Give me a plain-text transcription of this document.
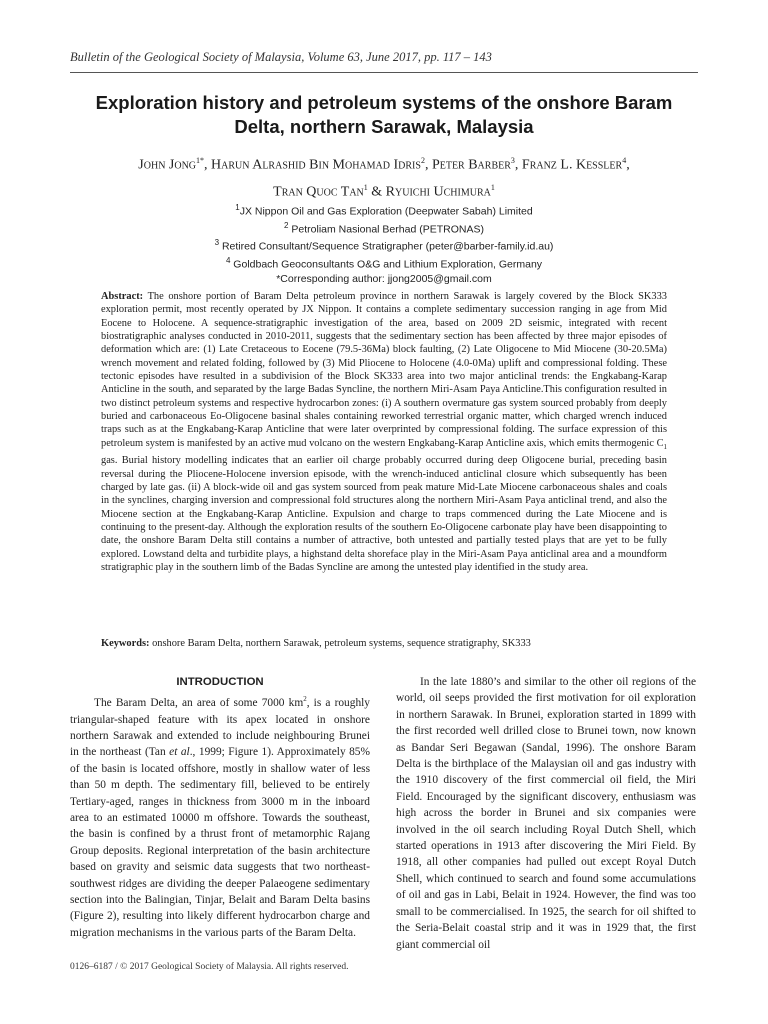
Bulletin of the Geological Society of Malaysia, Volume 63, June 2017, pp. 117 – 143
Exploration history and petroleum systems of the onshore Baram Delta, northern Sarawak, Malaysia
John Jong$^{1*}$, Harun Alrashid Bin Mohamad Idris$^2$, Peter Barber$^3$, Franz L. Kessler$^4$,
Tran Quoc Tan$^1$ & Ryuichi Uchimura$^1$
$^1$JX Nippon Oil and Gas Exploration (Deepwater Sabah) Limited
$^2$ Petroliam Nasional Berhad (PETRONAS)
$^3$ Retired Consultant/Sequence Stratigrapher (peter@barber-family.id.au)
$^4$ Goldbach Geoconsultants O&G and Lithium Exploration, Germany
*Corresponding author: jjong2005@gmail.com
Abstract: The onshore portion of Baram Delta petroleum province in northern Sarawak is largely covered by the Block SK333 exploration permit, most recently operated by JX Nippon. It contains a complete sedimentary succession ranging in age from Mid Eocene to Holocene. A sequence-stratigraphic investigation of the area, based on 2009 2D seismic, integrated with recent biostratigraphic analyses conducted in 2010-2011, suggests that the sedimentary section has been affected by three major episodes of deformation which are: (1) Late Cretaceous to Eocene (79.5-36Ma) block faulting, (2) Late Oligocene to Mid Miocene (30-20.5Ma) wrench movement and related folding, followed by (3) Mid Pliocene to Holocene (4.0-0Ma) uplift and compressional folding. These tectonic episodes have resulted in a subdivision of the Block SK333 area into two major anticlinal trends: the Engkabang-Karap Anticline in the south, and separated by the large Badas Syncline, the northern Miri-Asam Paya Anticline.This configuration resulted in two distinct petroleum systems and respective hydrocarbon zones: (i) A southern overmature gas system sourced probably from deeply buried and carbonaceous Eo-Oligocene basinal shales containing reworked terrestrial organic matter, which charged wrench induced traps such as at the Engkabang-Karap Anticline that were later overprinted by compressional folding. The surface expression of this petroleum system is manifested by an active mud volcano on the western Engkabang-Karap Anticline axis, which emits thermogenic $C_1$ gas. Burial history modelling indicates that an earlier oil charge probably occurred during deep Oligocene burial, preceding basin reversal during the Pliocene-Holocene inversion episode, with the wrench-induced anticlinal closure which subsequently has been charged by late gas. (ii) A block-wide oil and gas system sourced from peak mature Mid-Late Miocene carbonaceous shales and coals in the synclines, charging inversion and compressional fold structures along the northern Miri-Asam Paya anticlinal trend, and also the Miocene section at the Engkabang-Karap Anticline. Expulsion and charge to traps commenced during the Late Miocene and is continuing to the present-day. Although the exploration results of the southern Eo-Oligocene carbonate play have been disappointing to date, the onshore Baram Delta still contains a number of attractive, both untested and partially tested plays that are yet to be fully explored. Lowstand delta and turbidite plays, a highstand delta shoreface play in the Miri-Asam Paya anticlinal area and a moundform stratigraphic play in the southern limb of the Badas Syncline are among the untested play identified in the study area.
Keywords: onshore Baram Delta, northern Sarawak, petroleum systems, sequence stratigraphy, SK333
INTRODUCTION

The Baram Delta, an area of some 7000 $km^2$, is a roughly triangular-shaped feature with its apex located in onshore northern Sarawak and extended to include neighbouring Brunei in the northeast (Tan et al., 1999; Figure 1). Approximately 85% of the basin is located offshore, mostly in shallow water of less than 50 m depth. The sedimentary fill, believed to be entirely Tertiary-aged, ranges in thickness from 3000 m in the inboard area to an estimated 10000 m offshore. Towards the southeast, the basin is confined by a thrust front of metamorphic Rajang Group deposits. Regional interpretation of the basin architecture based on gravity and seismic data suggests that two northeast-southwest ridges are dividing the deeper Palaeogene sedimentary section into the Balingian, Tinjar, Belait and Baram Delta basins (Figure 2), resulting into likely different hydrocarbon charge and migration mechanisms in the various parts of the Baram Delta.

In the late 1880’s and similar to the other oil regions of the world, oil seeps provided the first motivation for oil exploration in northern Sarawak. In Brunei, exploration started in 1899 with the first recorded well drilled close to Brunei town, now known as Bandar Seri Begawan (Sandal, 1996). The onshore Baram Delta is the birthplace of the Malaysian oil and gas industry with the 1910 discovery of the first commercial oil field, the Miri Field. Encouraged by the significant discovery, enthusiasm was high across the border in Brunei and six companies were involved in the oil search including Royal Dutch Shell, which started operations in 1913 after discovering the Miri Field. By 1918, all other companies had pulled out except Royal Dutch Shell, which continued to search and found some accumulations of oil and gas in Labi, Belait in 1924. However, the find was too small to be commercialised. In 1925, the search for oil shifted to the Seria-Belait coastal strip and it was in 1929 that, the first giant commercial oil

0126–6187 / © 2017 Geological Society of Malaysia. All rights reserved.
